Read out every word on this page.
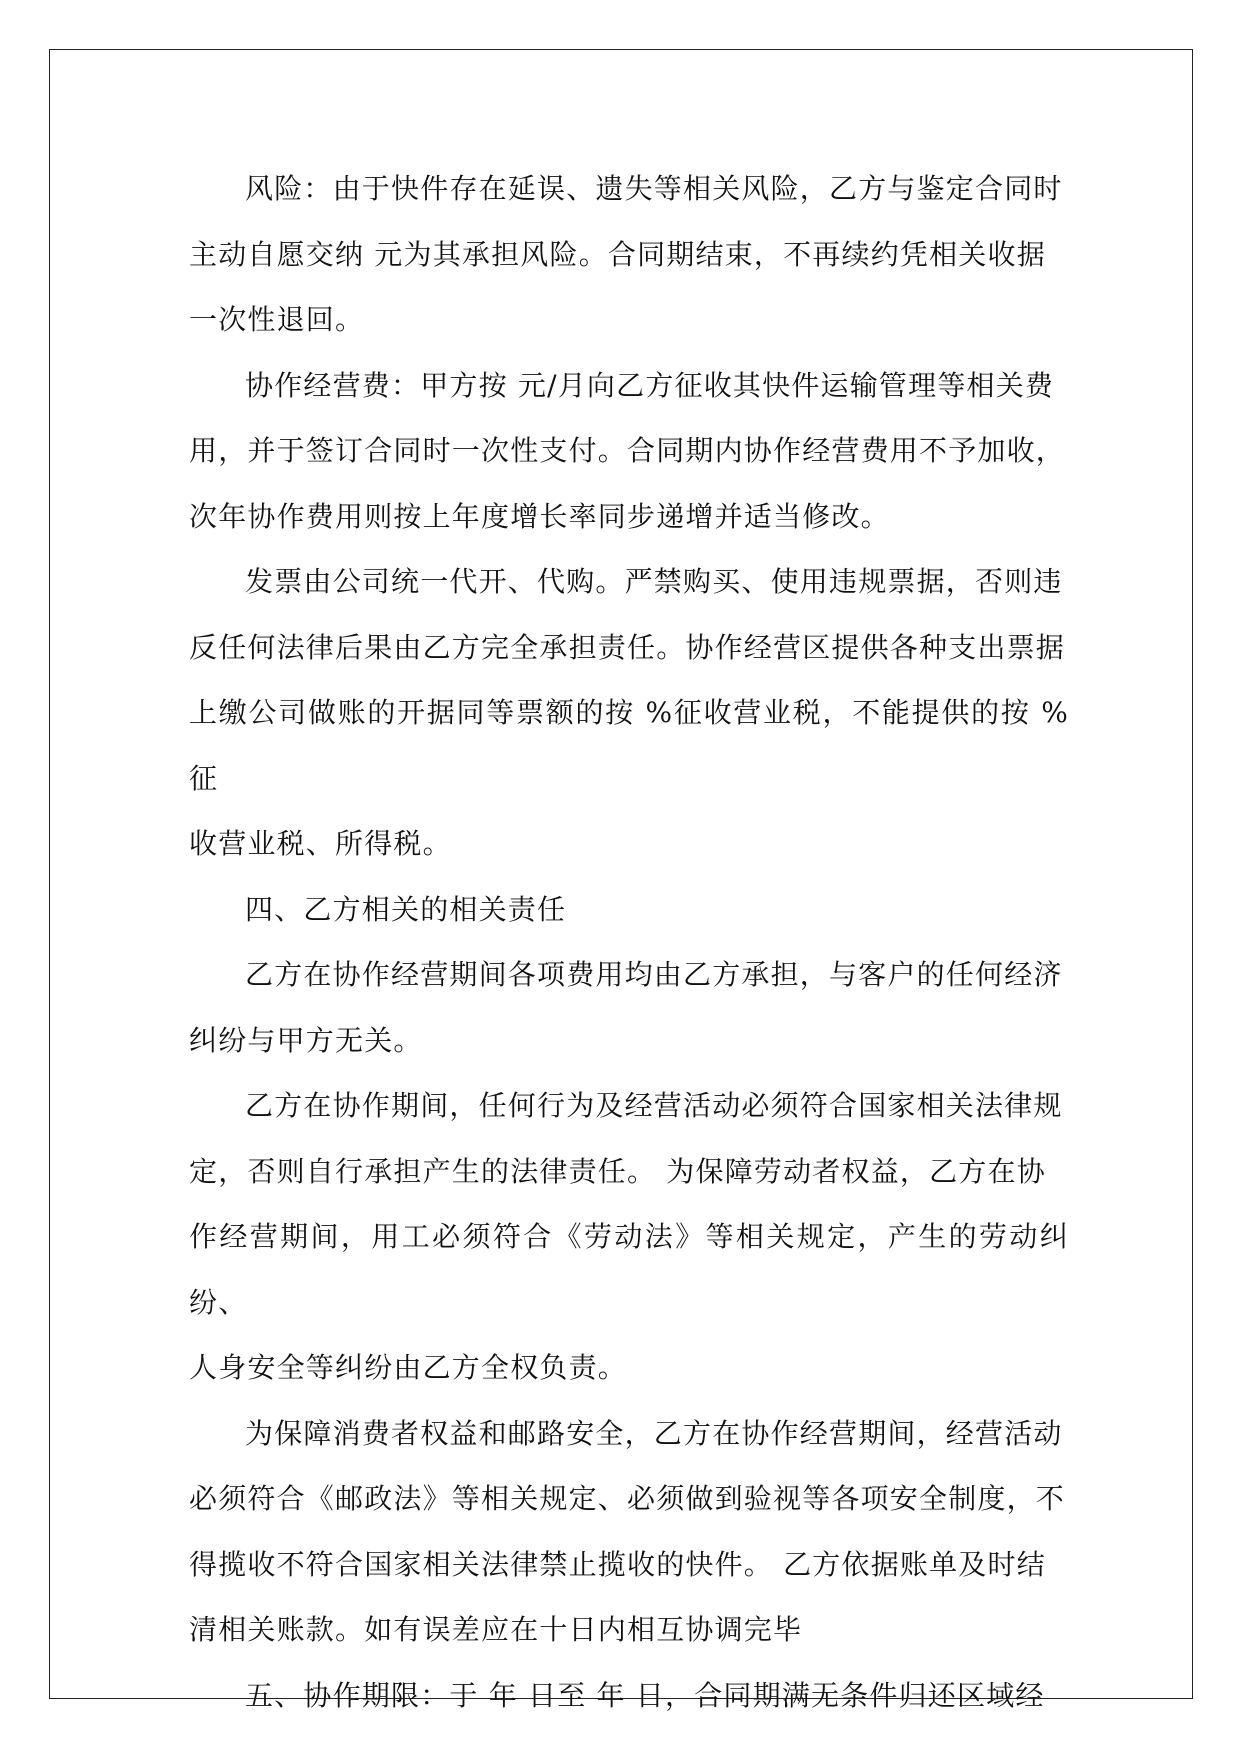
风险：由于快件存在延误、遗失等相关风险，乙方与鉴定合同时
主动自愿交纳 元为其承担风险。合同期结束，不再续约凭相关收据
一次性退回。
协作经营费：甲方按 元/月向乙方征收其快件运输管理等相关费
用，并于签订合同时一次性支付。合同期内协作经营费用不予加收，
次年协作费用则按上年度增长率同步递增并适当修改。
发票由公司统一代开、代购。严禁购买、使用违规票据，否则违
反任何法律后果由乙方完全承担责任。协作经营区提供各种支出票据
上缴公司做账的开据同等票额的按 %征收营业税，不能提供的按 %征
收营业税、所得税。
四、乙方相关的相关责任
乙方在协作经营期间各项费用均由乙方承担，与客户的任何经济
纠纷与甲方无关。
乙方在协作期间，任何行为及经营活动必须符合国家相关法律规
定，否则自行承担产生的法律责任。 为保障劳动者权益，乙方在协
作经营期间，用工必须符合《劳动法》等相关规定，产生的劳动纠纷、
人身安全等纠纷由乙方全权负责。
为保障消费者权益和邮路安全，乙方在协作经营期间，经营活动
必须符合《邮政法》等相关规定、必须做到验视等各项安全制度，不
得揽收不符合国家相关法律禁止揽收的快件。 乙方依据账单及时结
清相关账款。如有误差应在十日内相互协调完毕
五、协作期限：于 年 日至 年 日，合同期满无条件归还区域经
